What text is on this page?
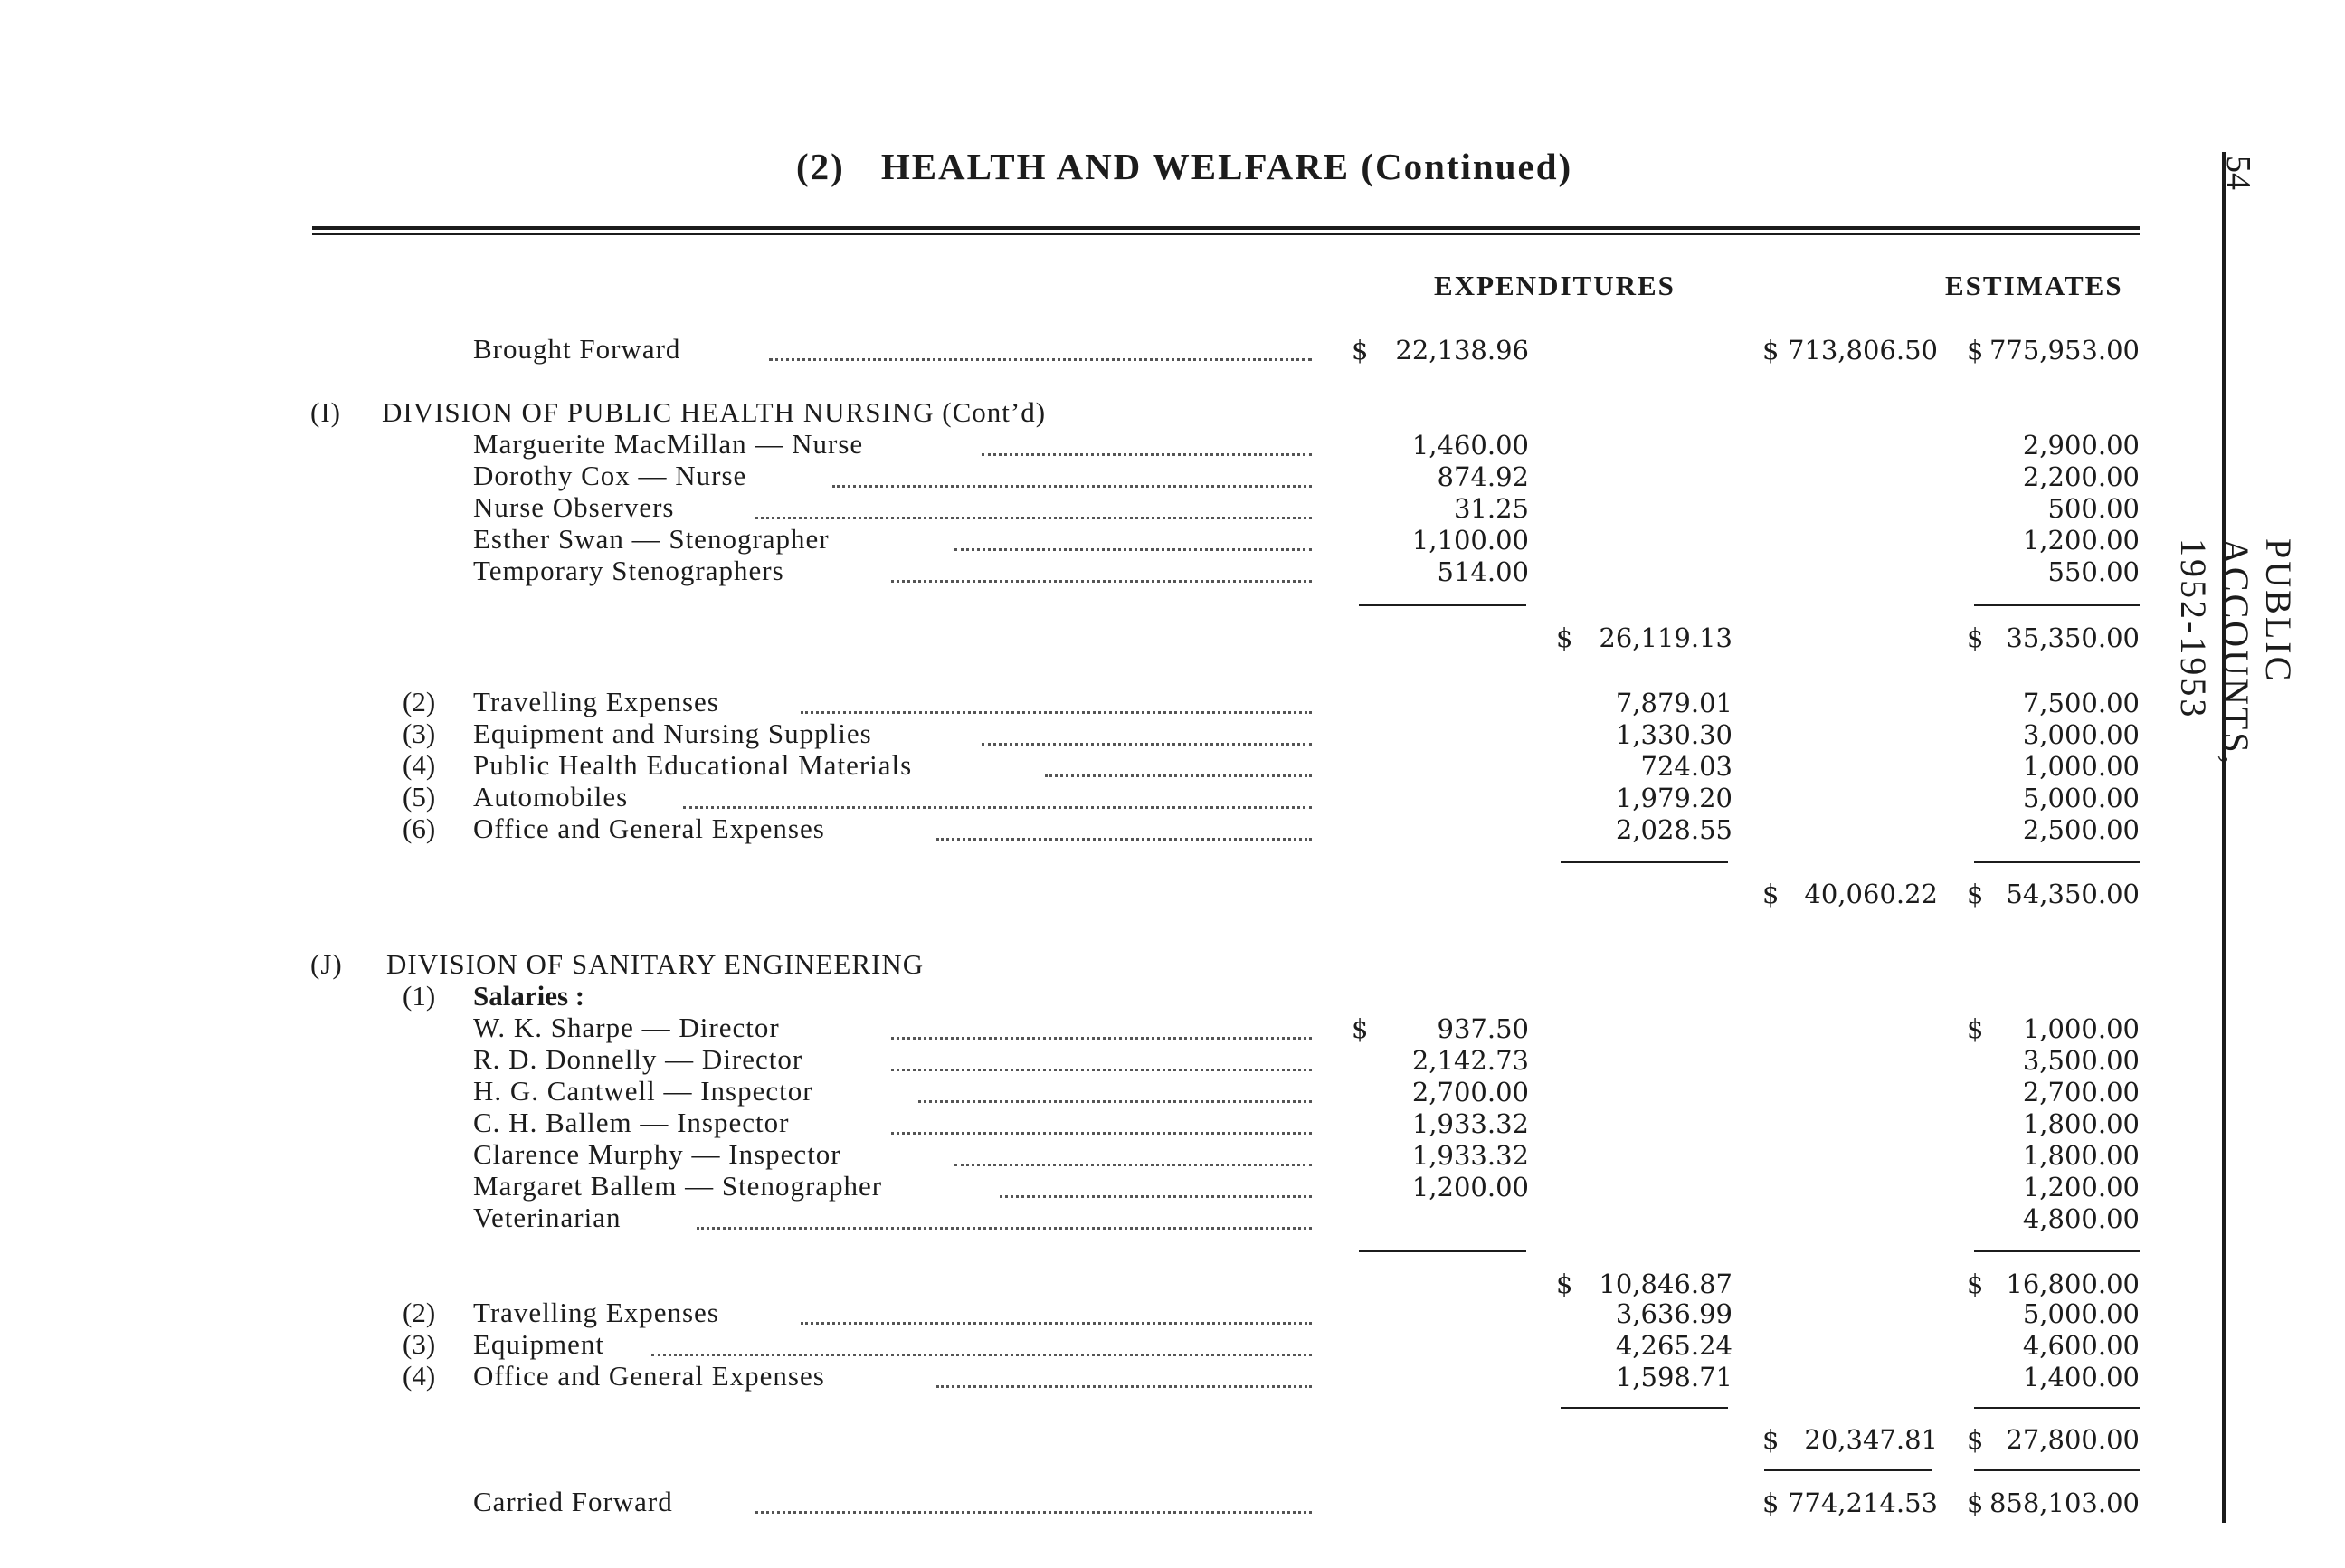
(2) HEALTH AND WELFARE (Continued)	54
PUBLIC ACCOUNTS, 1952-1953
EXPENDITURES	ESTIMATES
Brought Forward	$	22,138.96	$ 713,806.50 $ 775,953.00
(I) DIVISION OF PUBLIC HEALTH NURSING (Cont’d)
Marguerite MacMillan — Nurse	1,460.00	2,900.00
Dorothy Cox — Nurse	874.92	2,200.00
Nurse Observers	31.25	500.00
Esther Swan — Stenographer	1,100.00	1,200.00
Temporary Stenographers	514.00	550.00
$ 26,119.13	$ 35,350.00
(2) Travelling Expenses	7,879.01	7,500.00
(3) Equipment and Nursing Supplies	1,330.30	3,000.00
(4) Public Health Educational Materials	724.03	1,000.00
(5) Automobiles	1,979.20	5,000.00
(6) Office and General Expenses	2,028.55	2,500.00
$ 40,060.22 $ 54,350.00
(J) DIVISION OF SANITARY ENGINEERING
(1) Salaries :
W. K. Sharpe — Director	$	937.50	$	1,000.00
R. D. Donnelly — Director	2,142.73	3,500.00
H. G. Cantwell — Inspector	2,700.00	2,700.00
C. H. Ballem — Inspector	1,933.32	1,800.00
Clarence Murphy — Inspector	1,933.32	1,800.00
Margaret Ballem — Stenographer	1,200.00	1,200.00
Veterinarian	4,800.00
$ 10,846.87	$ 16,800.00
(2) Travelling Expenses	3,636.99	5,000.00
(3) Equipment	4,265.24	4,600.00
(4) Office and General Expenses	1,598.71	1,400.00
$ 20,347.81 $ 27,800.00
Carried Forward	$ 774,214.53 $ 858,103.00
